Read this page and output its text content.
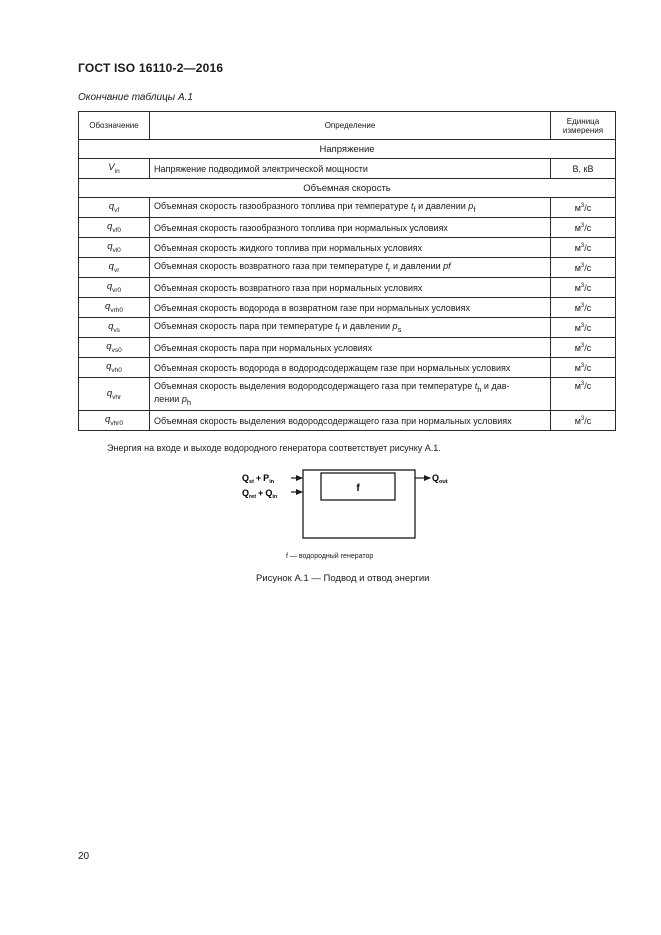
ГОСТ ISO 16110-2—2016
Окончание таблицы А.1
Обозначение	Определение	Единица измерения
Напряжение		
$V_{in}$	Напряжение подводимой электрической мощности	В, кВ
Объемная скорость		
$q_{vf}$	Объемная скорость газообразного топлива при температуре $t_f$ и давлении $p_f$	$м^3/с$
$q_{vf0}$	Объемная скорость газообразного топлива при нормальных условиях	$м^3/с$
$q_{vl0}$	Объемная скорость жидкого топлива при нормальных условиях	$м^3/с$
$q_{vr}$	Объемная скорость возвратного газа при температуре $t_r$ и давлении pf	$м^3/с$
$q_{vr0}$	Объемная скорость возвратного газа при нормальных условиях	$м^3/с$
$q_{vrh0}$	Объемная скорость водорода в возвратном газе при нормальных условиях	$м^3/с$
$q_{vs}$	Объемная скорость пара при температуре $t_f$ и давлении $p_s$	$м^3/с$
$q_{vs0}$	Объемная скорость пара при нормальных условиях	$м^3/с$
$q_{vh0}$	Объемная скорость водорода в водородсодержащем газе при нормальных условиях	$м^3/с$
$q_{vhr}$	Объемная скорость выделения водородсодержащего газа при температуре $t_h$ и дав-
лении $p_h$	$м^3/с$
$q_{vhr0}$	Объемная скорость выделения водородсодержащего газа при нормальных условиях	$м^3/с$
Энергия на входе и выходе водородного генератора соответствует рисунку А.1.
f
$Q_{st} + P_{in}$
$Q_{ret} + Q_{in}$
$Q_{out}$
f — водородный генератор
Рисунок А.1 — Подвод и отвод энергии
20
